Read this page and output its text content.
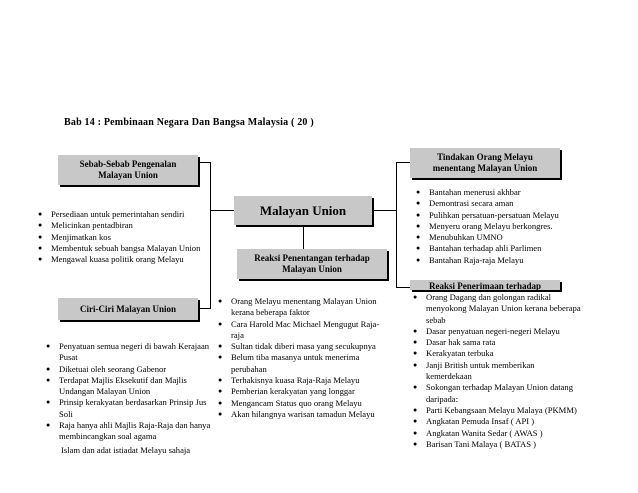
Bab 14 : Pembinaan Negara Dan Bangsa Malaysia ( 20 )
Sebab-Sebab Pengenalan
Malayan Union
Ciri-Ciri Malayan Union
Tindakan Orang Melayu
menentang Malayan Union
Malayan Union
Reaksi Penentangan terhadap
Malayan Union
Reaksi Penerimaan terhadap
● Persediaan untuk pemerintahan sendiri
● Melicinkan pentadbiran
● Menjimatkan kos
● Membentuk sebuah bangsa Malayan Union
● Mengawal kuasa politik orang Melayu
● Penyatuan semua negeri di bawah Kerajaan
Pusat
● Diketuai oleh seorang Gabenor
● Terdapat Majlis Eksekutif dan Majlis
Undangan Malayan Union
● Prinsip kerakyatan berdasarkan Prinsip Jus
Soli
● Raja hanya ahli Majlis Raja-Raja dan hanya
membincangkan soal agama
Islam dan adat istiadat Melayu sahaja
● Bantahan menerusi akhbar
● Demontrasi secara aman
● Pulihkan persatuan-persatuan Melayu
● Menyeru orang Melayu berkongres.
● Menubuhkan UMNO
● Bantahan terhadap ahli Parlimen
● Bantahan Raja-raja Melayu
● Orang Melayu menentang Malayan Union
kerana beberapa faktor
● Cara Harold Mac Michael Mengugut Raja-
raja
● Sultan tidak diberi masa yang secukupnya
● Belum tiba masanya untuk menerima
perubahan
● Terhakisnya kuasa Raja-Raja Melayu
● Pemberian kerakyatan yang longgar
● Mengancam Status quo orang Melayu
● Akan hilangnya warisan tamadun Melayu
● Orang Dagang dan golongan radikal
menyokong Malayan Union kerana beberapa
sebab
● Dasar penyatuan negeri-negeri Melayu
● Dasar hak sama rata
● Kerakyatan terbuka
● Janji British untuk memberikan
kemerdekaan
● Sokongan terhadap Malayan Union datang
daripada:
● Parti Kebangsaan Melayu Malaya (PKMM)
● Angkatan Pemuda Insaf ( API )
● Angkatan Wanita Sedar ( AWAS )
● Barisan Tani Malaya ( BATAS )
